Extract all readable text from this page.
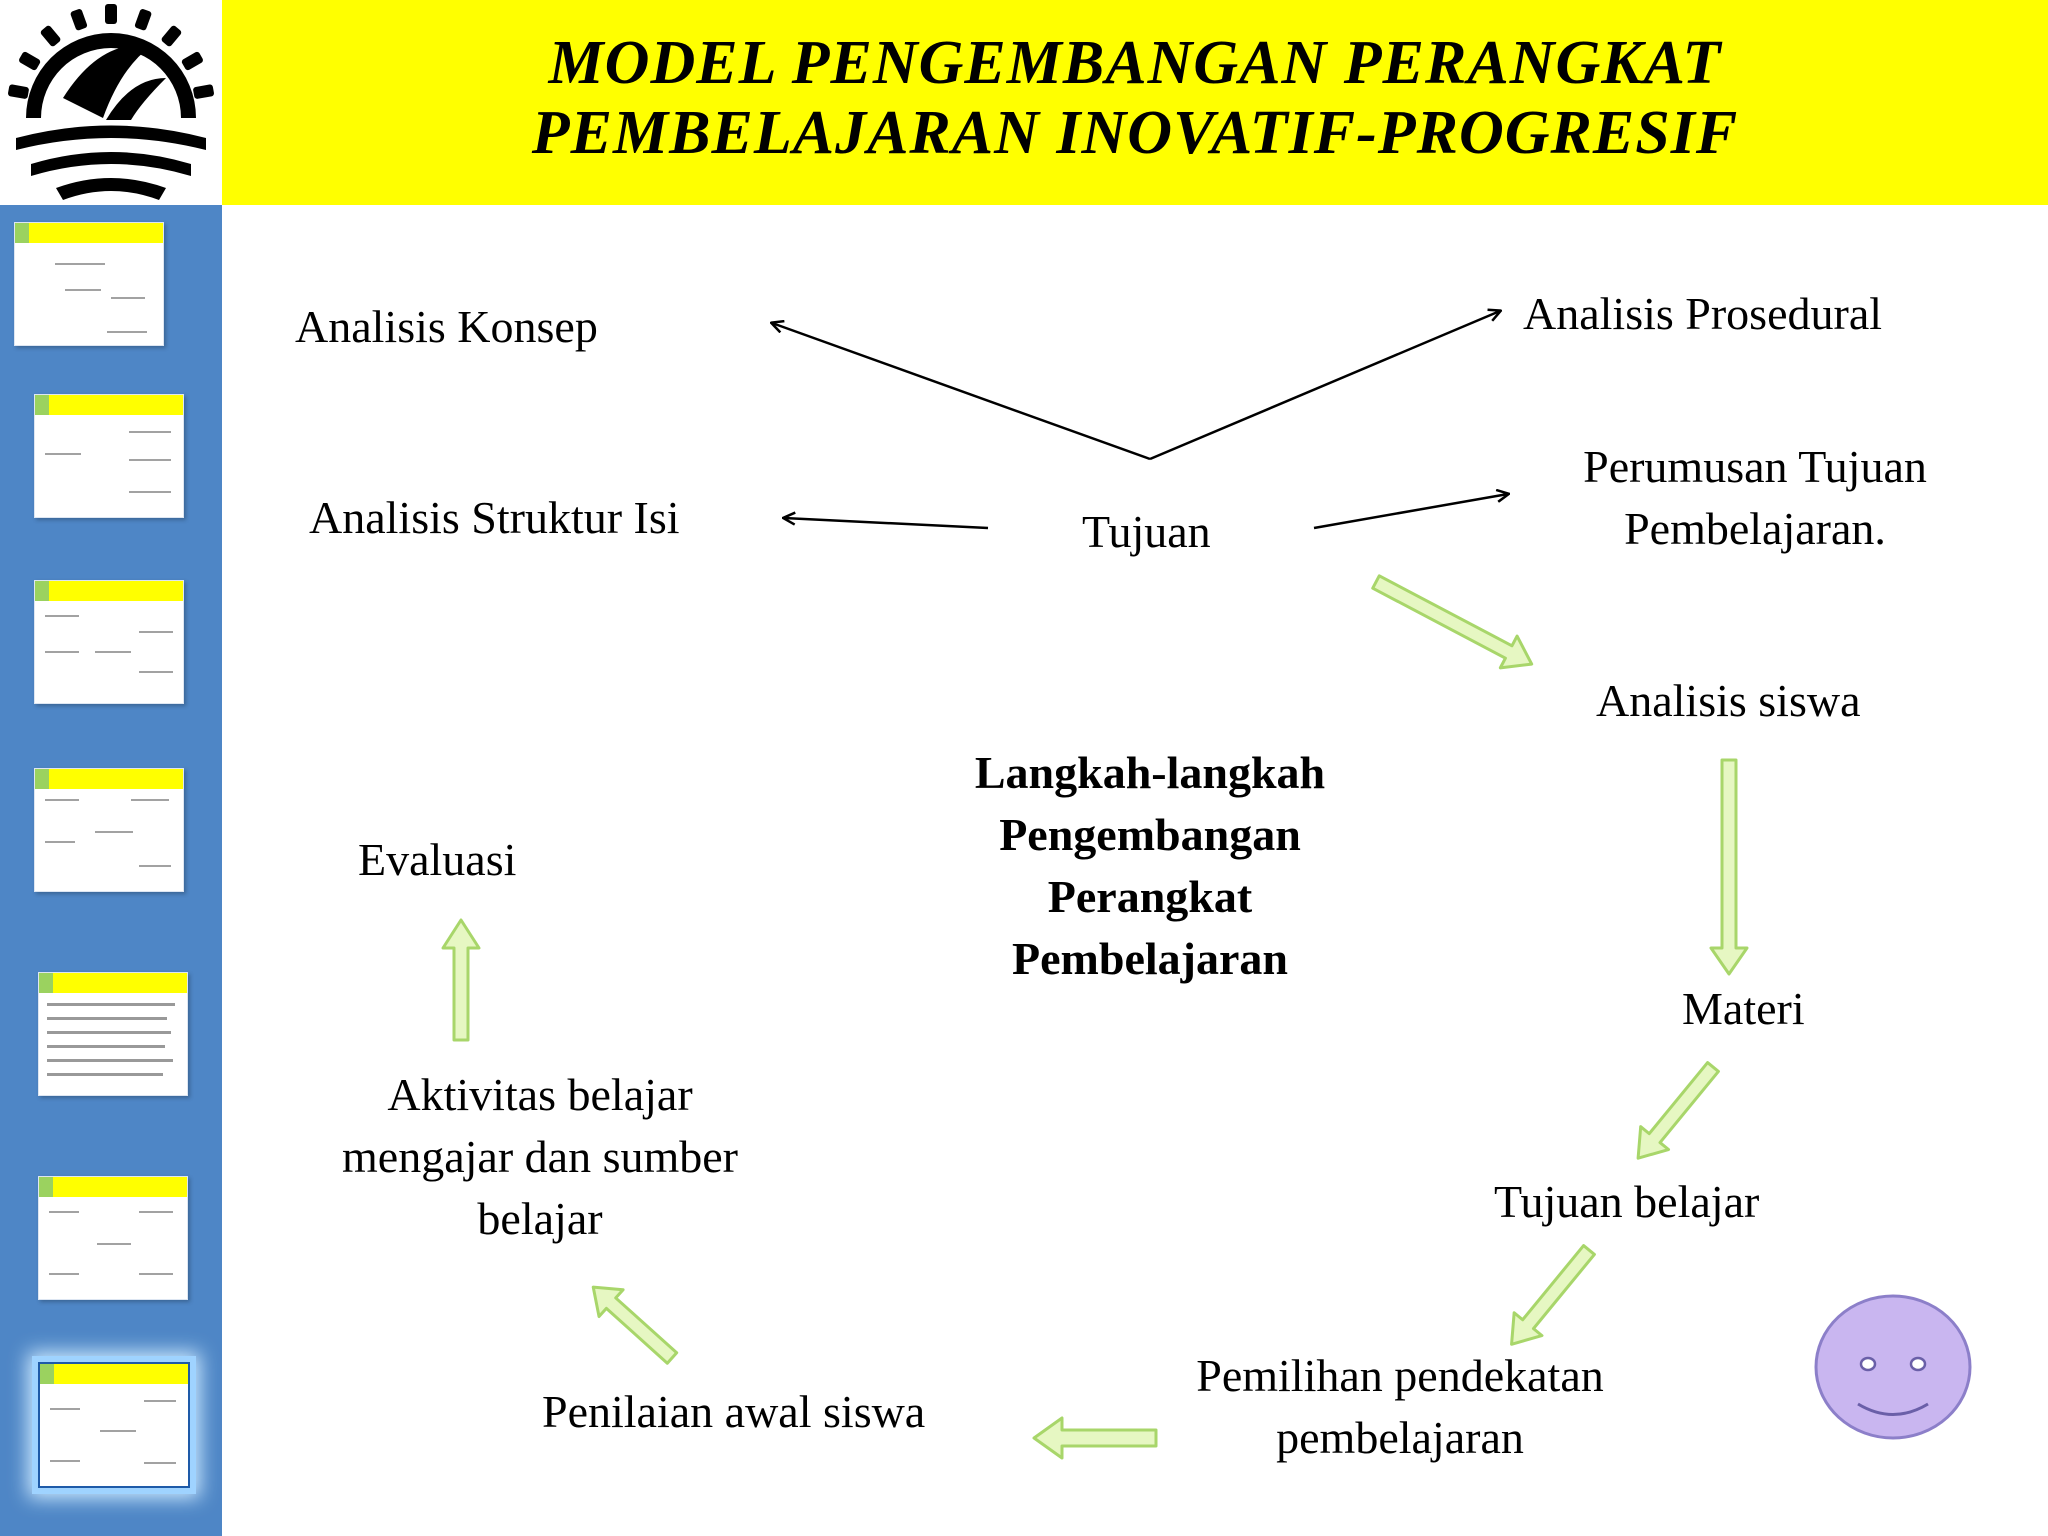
MODEL PENGEMBANGAN PERANGKAT
PEMBELAJARAN INOVATIF-PROGRESIF
Analisis Konsep	Analisis Prosedural
Analisis Struktur Isi	Tujuan
Perumusan Tujuan
Pembelajaran.
Analisis siswa
Materi
Tujuan belajar
Pemilihan pendekatan
pembelajaran
Penilaian awal siswa
Aktivitas belajar
mengajar dan sumber
belajar
Evaluasi
Langkah-langkah
Pengembangan
Perangkat
Pembelajaran
